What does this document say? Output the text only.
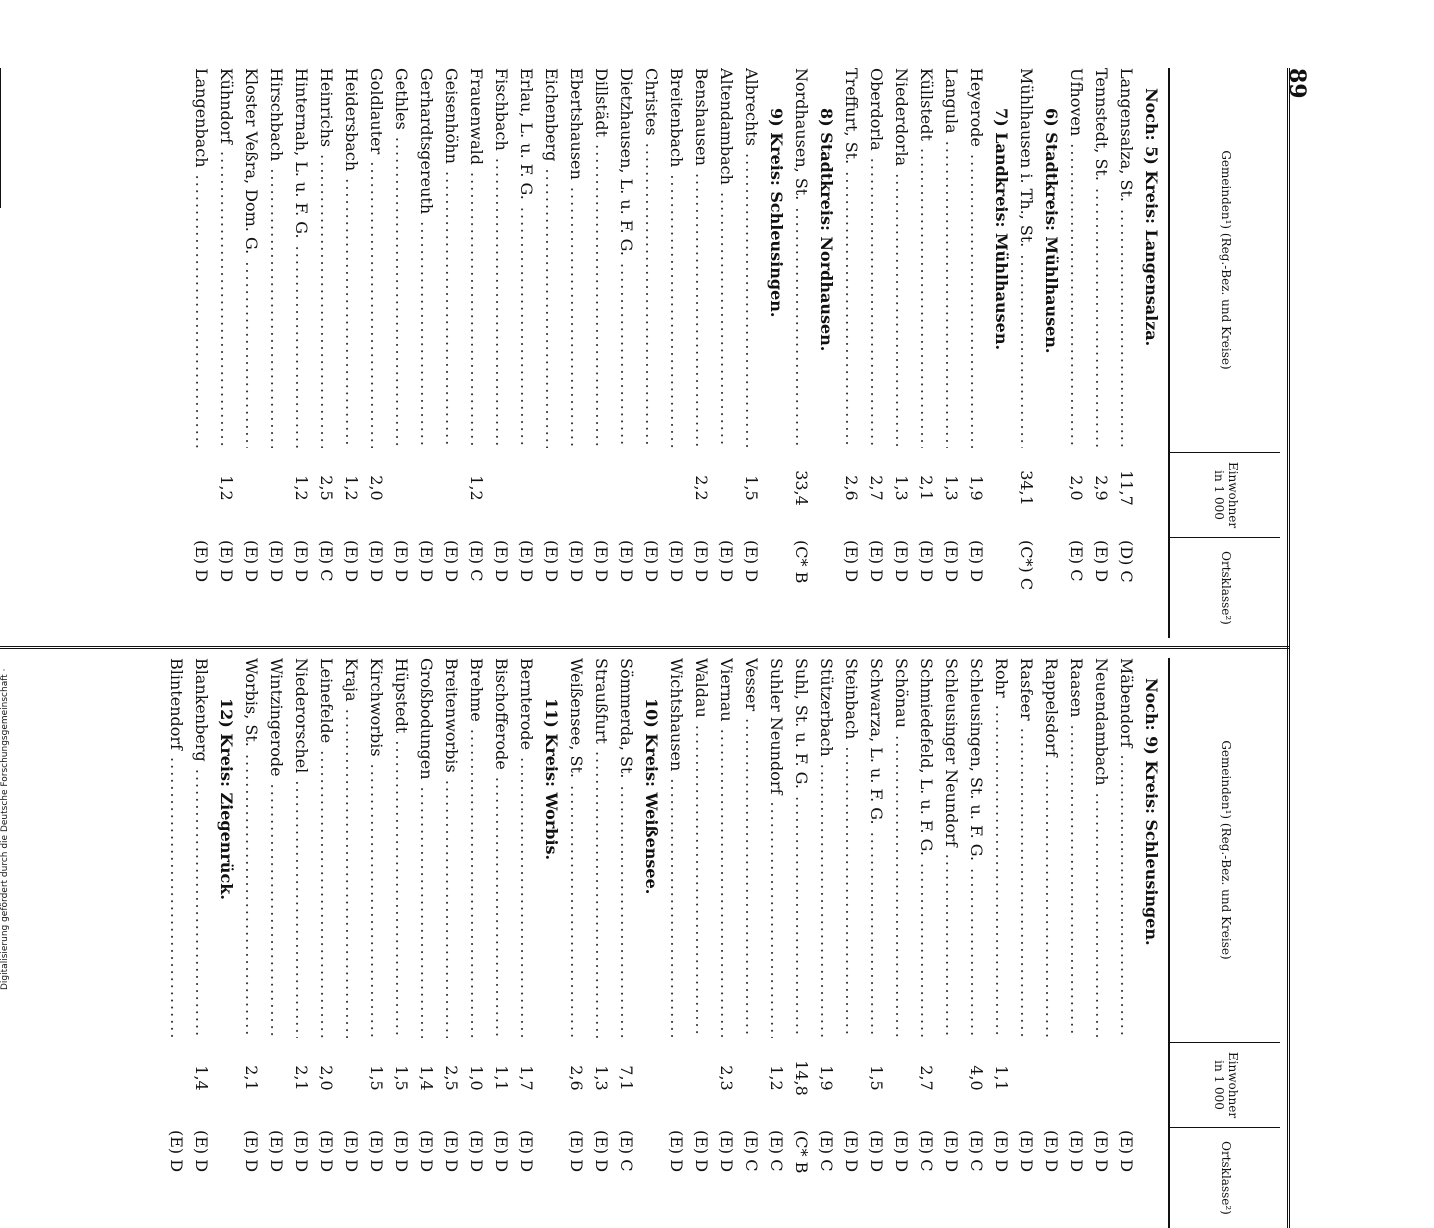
Digitalisierung gefördert durch die Deutsche Forschungsgemeinschaft ·
89
Gemeinden¹) (Reg.-Bez. und Kreise)
Einwohner in 1 000
Ortsklasse²)
Noch: 5) Kreis: Langensalza.
Langensalza, St. .....
11,7
(D) C
Tennstedt, St. .....
2,9
(E) D
Ufhoven .....
2,0
(E) C
6) Stadtkreis: Mühlhausen.
Mühlhausen i. Th., St. .....
34,1
(C*) C
7) Landkreis: Mühlhausen.
Heyerode .....
1,9
(E) D
Langula .....
1,3
(E) D
Küllstedt .....
2,1
(E) D
Niederdorla .....
1,3
(E) D
Oberdorla .....
2,7
(E) D
Treffurt, St. .....
2,6
(E) D
8) Stadtkreis: Nordhausen.
Nordhausen, St. .....
33,4
(C* B
9) Kreis: Schleusingen.
Albrechts .....
1,5
(E) D
Altendambach .....
(E) D
Benshausen .....
2,2
(E) D
Breitenbach .....
(E) D
Christes .....
(E) D
Dietzhausen, L. u. F. G. .....
(E) D
Dillstädt .....
(E) D
Ebertshausen .....
(E) D
Eichenberg .....
(E) D
Erlau, L. u. F. G. .....
(E) D
Fischbach .....
(E) D
Frauenwald .....
1,2
(E) C
Geisenhöhn .....
(E) D
Gerhardtsgereuth .....
(E) D
Gethles .....
(E) D
Goldlauter .....
2,0
(E) D
Heidersbach .....
1,2
(E) D
Heinrichs .....
2,5
(E) C
Hinternah, L. u. F. G. .....
1,2
(E) D
Hirschbach .....
(E) D
Kloster Veßra, Dom. G. .....
(E) D
Kühndorf .....
1,2
(E) D
Langenbach .....
(E) D
Gemeinden¹) (Reg.-Bez. und Kreise)
Einwohner in 1 000
Ortsklasse²)
Noch: 9) Kreis: Schleusingen.
Mäbendorf .....
(E) D
Neuendambach .....
(E) D
Raasen .....
(E) D
Rappelsdorf .....
(E) D
Rasfeer .....
(E) D
Rohr .....
1,1
(E) D
Schleusingen, St. u. F. G. .....
4,0
(E) C
Schleusinger Neundorf .....
(E) D
Schmiedefeld, L. u. F. G. .....
2,7
(E) C
Schönau .....
(E) D
Schwarza, L. u. F. G. .....
1,5
(E) D
Steinbach .....
(E) D
Stützerbach .....
1,9
(E) C
Suhl, St. u. F. G. .....
14,8
(C* B
Suhler Neundorf .....
1,2
(E) C
Vesser .....
(E) C
Viernau .....
2,3
(E) D
Waldau .....
(E) D
Wichtshausen .....
(E) D
10) Kreis: Weißensee.
Sömmerda, St. .....
7,1
(E) C
Straußfurt .....
1,3
(E) D
Weißensee, St. .....
2,6
(E) D
11) Kreis: Worbis.
Bernterode .....
1,7
(E) D
Bischofferode .....
1,1
(E) D
Brehme .....
1,0
(E) D
Breitenworbis .....
2,5
(E) D
Großbodungen .....
1,4
(E) D
Hüpstedt .....
1,5
(E) D
Kirchworbis .....
1,5
(E) D
Kraja .....
(E) D
Leinefelde .....
2,0
(E) D
Niederorschel .....
2,1
(E) D
Wintzingerode .....
(E) D
Worbis, St. .....
2,1
(E) D
12) Kreis: Ziegenrück.
Blankenberg .....
1,4
(E) D
Blintendorf .....
(E) D
